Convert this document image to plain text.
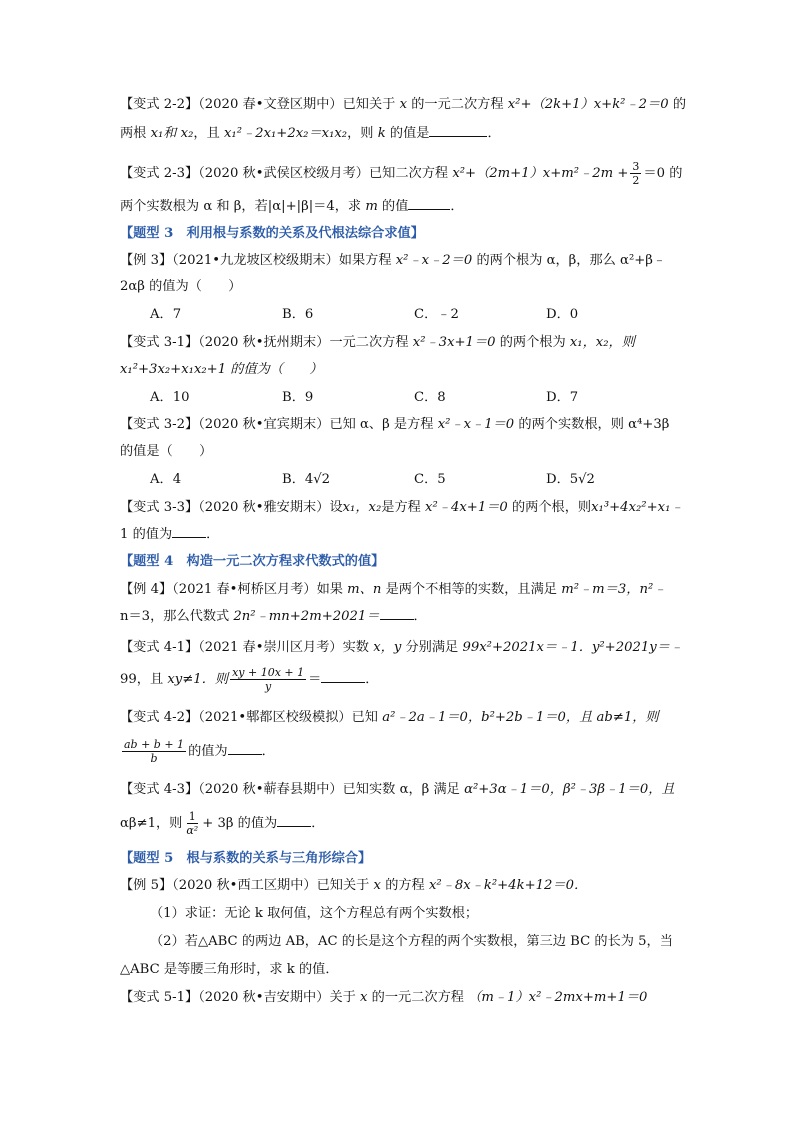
【变式 2-2】（2020 春•文登区期中）已知关于 x 的一元二次方程 x²+（2k+1）x+k²﹣2＝0 的
两根 x₁和 x₂，且 x₁²﹣2x₁+2x₂＝x₁x₂，则 k 的值是	．
【变式 2-3】（2020 秋•武侯区校级月考）已知二次方程 x²+（2m+1）x+m²﹣2m + $\frac{3}{2} =0$ 的
两个实数根为 α 和 β，若|α|+|β|＝4，求 m 的值	．
【题型 3　利用根与系数的关系及代根法综合求值】
【例 3】（2021•九龙坡区校级期末）如果方程 x²﹣x﹣2＝0 的两个根为 α，β，那么 α²+β﹣
2αβ 的值为（　　）
A．7	B．6	C．﹣2	D．0
【变式 3-1】（2020 秋•抚州期末）一元二次方程 x²﹣3x+1＝0 的两个根为 x₁，x₂，则
x₁²+3x₂+x₁x₂+1 的值为（　　）
A．10	B．9	C．8	D．7
【变式 3-2】（2020 秋•宜宾期末）已知 α、β 是方程 x²﹣x﹣1＝0 的两个实数根，则 α⁴+3β
的值是（　　）
A．4	B．4√2	C．5	D．5√2
【变式 3-3】（2020 秋•雅安期末）设x₁，x₂是方程 x²﹣4x+1＝0 的两个根，则x₁³+4x₂²+x₁﹣
1 的值为	．
【题型 4　构造一元二次方程求代数式的值】
【例 4】（2021 春•柯桥区月考）如果 m、n 是两个不相等的实数，且满足 m²﹣m＝3，n²﹣
n＝3，那么代数式 2n²﹣mn+2m+2021＝	．
【变式 4-1】（2021 春•崇川区月考）实数 x，y 分别满足 99x²+2021x＝﹣1．y²+2021y＝﹣
99，且 xy≠1．则 $\frac{xy + 10x + 1}{y}$ ＝	．
【变式 4-2】（2021•郫都区校级模拟）已知 a²﹣2a﹣1＝0，b²+2b﹣1＝0，且 ab≠1，则
$\frac{ab + b + 1}{b}$ 的值为	．
【变式 4-3】（2020 秋•蕲春县期中）已知实数 α，β 满足 α²+3α﹣1＝0，β²﹣3β﹣1＝0，且
αβ≠1，则 $\frac{1}{\text{α²}} + 3\beta$ 的值为	．
【题型 5　根与系数的关系与三角形综合】
【例 5】（2020 秋•西工区期中）已知关于 x 的方程 x²﹣8x﹣k²+4k+12＝0．
（1）求证：无论 k 取何值，这个方程总有两个实数根；
（2）若△ABC 的两边 AB，AC 的长是这个方程的两个实数根，第三边 BC 的长为 5，当
△ABC 是等腰三角形时，求 k 的值．
【变式 5-1】（2020 秋•吉安期中）关于 x 的一元二次方程 （m﹣1）x²﹣2mx+m+1＝0
